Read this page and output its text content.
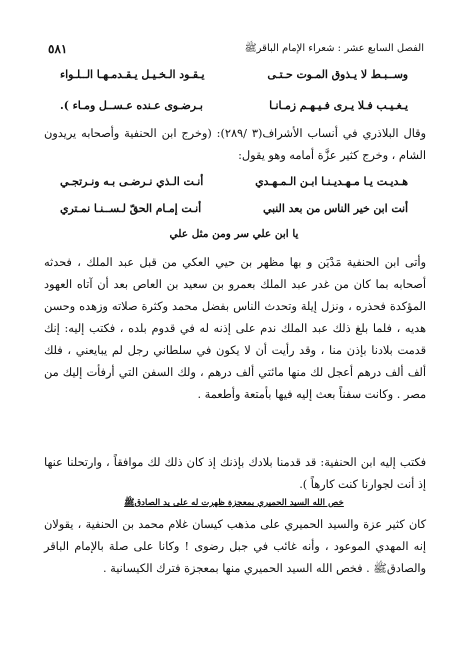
الفصل السابع عشر : شعراء الإمام الباقرﷺ
٥٨١
وســبـط لا يـذوق المـوت حـتـى
يـقـود الـخـيـل يـقـدمـهـا الــلـواء
يـغـيـب فـلا يـرى فـيـهـم زمـانـا
بـرضـوى عـنده عـســل ومـاء ).

وقال البلاذري في أنساب الأشراف(٣ /٢٨٩): (وخرج ابن الحنفية وأصحابه يريدون الشام ، وخرج كثير عزَّة أمامه وهو يقول:

هـديـت يـا مـهـديـنـا ابـن الـمـهـدي
أنـت الـذي نـرضـى بـه ونـرتجـي
أنت ابن خير الناس من بعد النبي
أنـت إمـام الحقّ لـســنـا نمـتري
يا ابن علي سر ومن مثل علي

وأتى ابن الحنفية مَدْيَن و بها مظهر بن حيي العكي من قبل عبد الملك ، فحدثه أصحابه بما كان من غدر عبد الملك بعمرو بن سعيد بن العاص بعد أن آتاه العهود المؤكدة فحذره ، ونزل إيلة وتحدث الناس بفضل محمد وكثرة صلاته وزهده وحسن هديه ، فلما بلغ ذلك عبد الملك ندم على إذنه له في قدوم بلده ، فكتب إليه: إنك قدمت بلادنا بإذن منا ، وقد رأيت أن لا يكون في سلطاني رجل لم يبايعني ، فلك ألف ألف درهم أعجل لك منها مائتي ألف درهم ، ولك السفن التي أرفأت إليك من مصر . وكانت سفناً بعث إليه فيها بأمتعة وأطعمة .

فكتب إليه ابن الحنفية: قد قدمنا بلادك بإذنك إذ كان ذلك لك موافقاً ، وارتحلنا عنها إذ أنت لجوارنا كنت كارهاً ).

خص الله السيد الحميري بمعجزة ظهرت له على يد الصادقﷺ

كان كثير عزة والسيد الحميري على مذهب كيسان غلام محمد بن الحنفية ، يقولان إنه المهدي الموعود ، وأنه غائب في جبل رضوى ! وكانا على صلة بالإمام الباقر والصادقﷺ . فخص الله السيد الحميري منها بمعجزة فترك الكيسانية .
